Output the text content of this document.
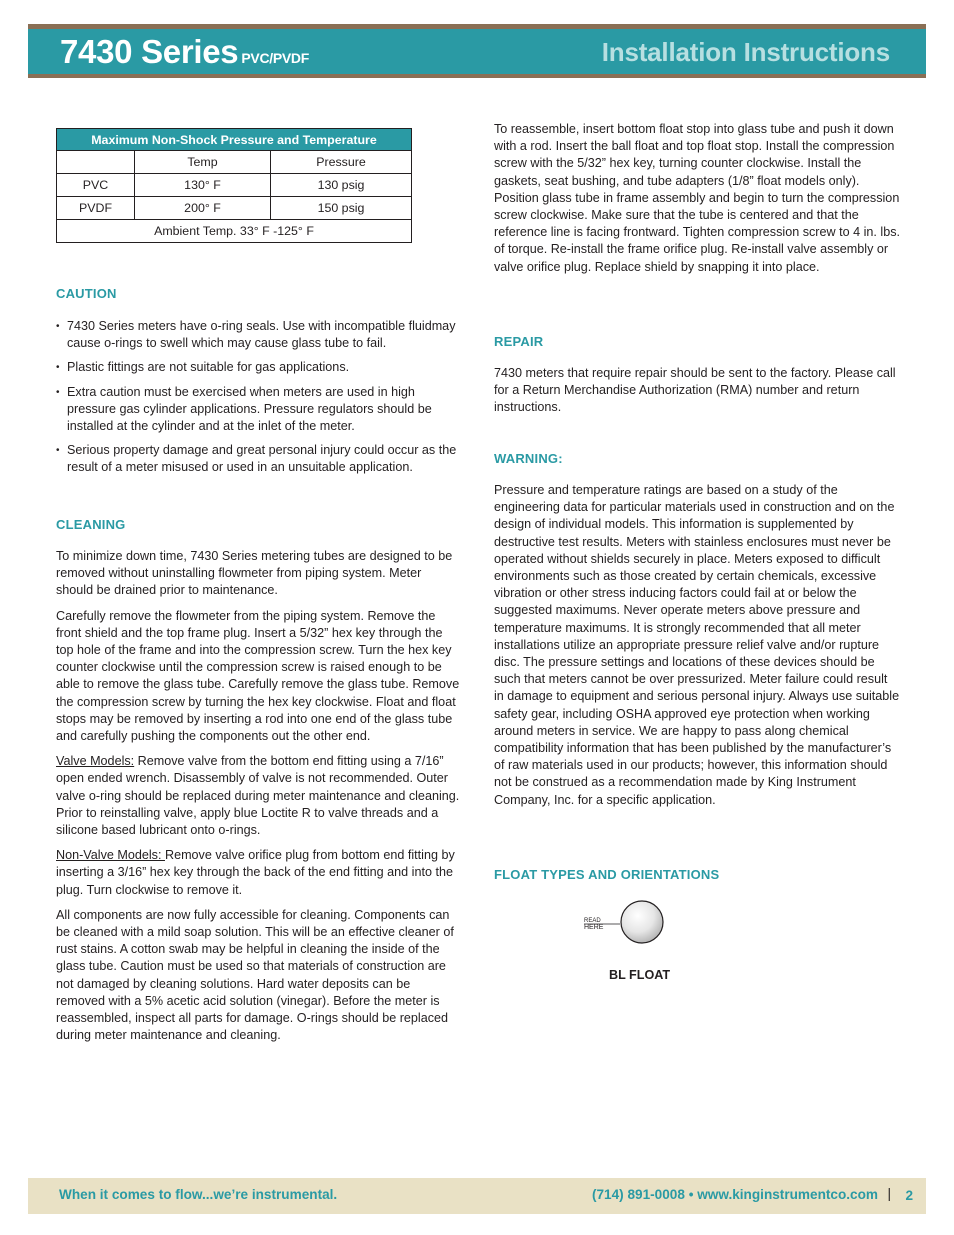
7430 Series PVC/PVDF	Installation Instructions
Maximum Non-Shock Pressure and Temperature		
	Temp	Pressure
PVC	130° F	130 psig
PVDF	200° F	150 psig
Ambient Temp. 33° F -125° F		
CAUTION
• 7430 Series meters have o-ring seals. Use with incompatible fluidmay cause o-rings to swell which may cause glass tube to fail.
• Plastic fittings are not suitable for gas applications.
• Extra caution must be exercised when meters are used in high pressure gas cylinder applications. Pressure regulators should be installed at the cylinder and at the inlet of the meter.
• Serious property damage and great personal injury could occur as the result of a meter misused or used in an unsuitable application.
CLEANING

To minimize down time, 7430 Series metering tubes are designed to be removed without uninstalling flowmeter from piping system. Meter should be drained prior to maintenance.

Carefully remove the flowmeter from the piping system. Remove the front shield and the top frame plug. Insert a 5/32” hex key through the top hole of the frame and into the compression screw. Turn the hex key counter clockwise until the compression screw is raised enough to be able to remove the glass tube. Carefully remove the glass tube. Remove the compression screw by turning the hex key clockwise. Float and float stops may be removed by inserting a rod into one end of the glass tube and carefully pushing the components out the other end.

Valve Models: Remove valve from the bottom end fitting using a 7/16” open ended wrench. Disassembly of valve is not recommended. Outer valve o-ring should be replaced during meter maintenance and cleaning. Prior to reinstalling valve, apply blue Loctite R to valve threads and a silicone based lubricant onto o-rings.

Non-Valve Models: Remove valve orifice plug from bottom end fitting by inserting a 3/16” hex key through the back of the end fitting and into the plug. Turn clockwise to remove it.

All components are now fully accessible for cleaning. Components can be cleaned with a mild soap solution. This will be an effective cleaner of rust stains. A cotton swab may be helpful in cleaning the inside of the glass tube. Caution must be used so that materials of construction are not damaged by cleaning solutions. Hard water deposits can be removed with a 5% acetic acid solution (vinegar). Before the meter is reassembled, inspect all parts for damage. O-rings should be replaced during meter maintenance and cleaning.

To reassemble, insert bottom float stop into glass tube and push it down with a rod. Insert the ball float and top float stop. Install the compression screw with the 5/32” hex key, turning counter clockwise. Install the gaskets, seat bushing, and tube adapters (1/8” float models only). Position glass tube in frame assembly and begin to turn the compression screw clockwise. Make sure that the tube is centered and that the reference line is facing frontward. Tighten compression screw to 4 in. lbs. of torque. Re-install the frame orifice plug. Re-install valve assembly or valve orifice plug. Replace shield by snapping it into place.

REPAIR

7430 meters that require repair should be sent to the factory. Please call for a Return Merchandise Authorization (RMA) number and return instructions.

WARNING:

Pressure and temperature ratings are based on a study of the engineering data for particular materials used in construction and on the design of individual models. This information is supplemented by destructive test results. Meters with stainless enclosures must never be operated without shields securely in place. Meters exposed to difficult environments such as those created by certain chemicals, excessive vibration or other stress inducing factors could fail at or below the suggested maximums. Never operate meters above pressure and temperature maximums. It is strongly recommended that all meter installations utilize an appropriate pressure relief valve and/or rupture disc. The pressure settings and locations of these devices should be such that meters cannot be over pressurized. Meter failure could result in damage to equipment and serious personal injury. Always use suitable safety gear, including OSHA approved eye protection when working around meters in service. We are happy to pass along chemical compatibility information that has been published by the manufacturer’s of raw materials used in our products; however, this information should not be construed as a recommendation made by King Instrument Company, Inc. for a specific application.

FLOAT TYPES AND ORIENTATIONS
READ
HERE
BL FLOAT
When it comes to flow...we’re instrumental.	(714) 891-0008 • www.kinginstrumentco.com | 2
